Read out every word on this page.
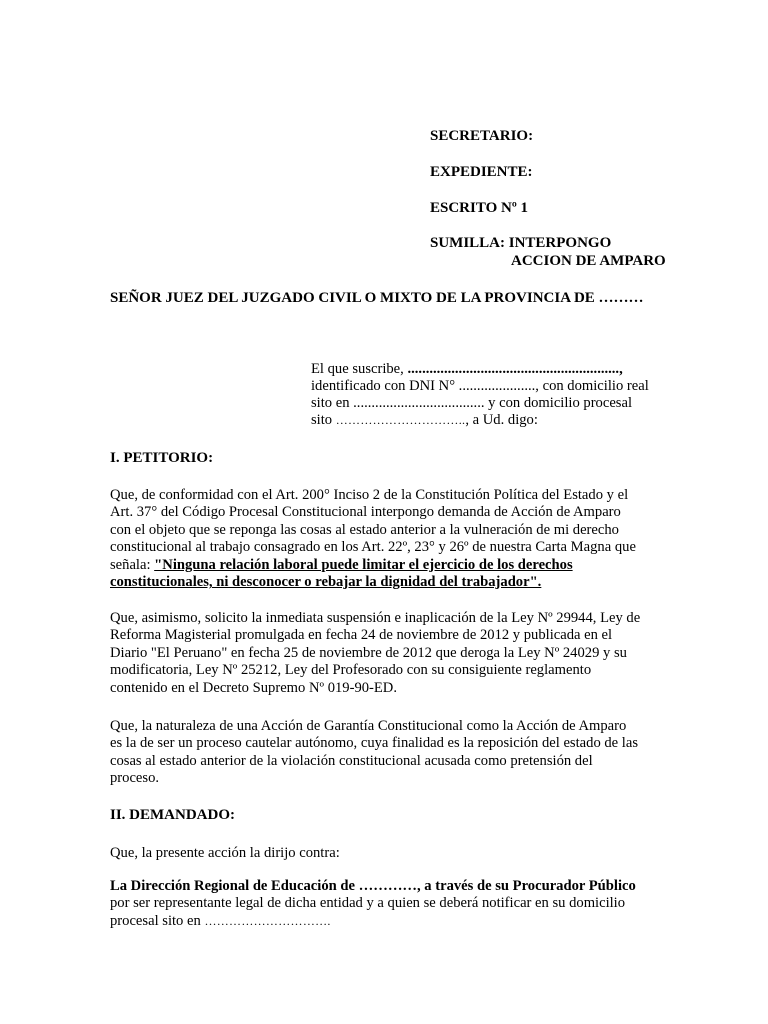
SECRETARIO:
EXPEDIENTE:
ESCRITO Nº 1
SUMILLA: INTERPONGO
ACCION DE AMPARO
SEÑOR JUEZ DEL JUZGADO CIVIL O MIXTO DE LA PROVINCIA DE ………
El que suscribe, ..........................................................,
identificado con DNI N° ....................., con domicilio real
sito en .................................... y con domicilio procesal
sito ………………………….., a Ud. digo:
I. PETITORIO:
Que, de conformidad con el Art. 200° Inciso 2 de la Constitución Política del Estado y el
Art. 37° del Código Procesal Constitucional interpongo demanda de Acción de Amparo
con el objeto que se reponga las cosas al estado anterior a la vulneración de mi derecho
constitucional al trabajo consagrado en los Art. 22º, 23° y 26º de nuestra Carta Magna que
señala: "Ninguna relación laboral puede limitar el ejercicio de los derechos
constitucionales, ni desconocer o rebajar la dignidad del trabajador".
Que, asimismo, solicito la inmediata suspensión e inaplicación de la Ley Nº 29944, Ley de
Reforma Magisterial promulgada en fecha 24 de noviembre de 2012 y publicada en el
Diario "El Peruano" en fecha 25 de noviembre de 2012 que deroga la Ley Nº 24029 y su
modificatoria, Ley Nº 25212, Ley del Profesorado con su consiguiente reglamento
contenido en el Decreto Supremo Nº 019-90-ED.
Que, la naturaleza de una Acción de Garantía Constitucional como la Acción de Amparo
es la de ser un proceso cautelar autónomo, cuya finalidad es la reposición del estado de las
cosas al estado anterior de la violación constitucional acusada como pretensión del
proceso.
II. DEMANDADO:
Que, la presente acción la dirijo contra:
La Dirección Regional de Educación de …………, a través de su Procurador Público
por ser representante legal de dicha entidad y a quien se deberá notificar en su domicilio
procesal sito en ………………………….
